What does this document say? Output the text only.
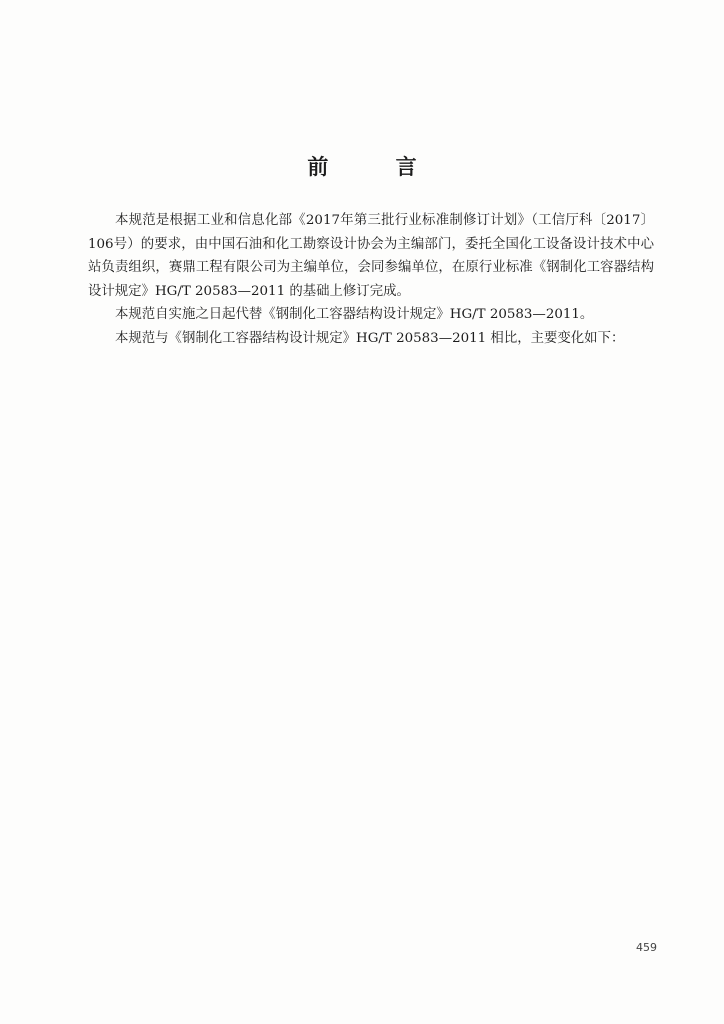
前 言

本规范是根据工业和信息化部《2017年第三批行业标准制修订计划》（工信厅科〔2017〕106号）的要求，由中国石油和化工勘察设计协会为主编部门，委托全国化工设备设计技术中心站负责组织，赛鼎工程有限公司为主编单位，会同参编单位，在原行业标准《钢制化工容器结构设计规定》HG/T 20583—2011 的基础上修订完成。

本规范自实施之日起代替《钢制化工容器结构设计规定》HG/T 20583—2011。

本规范与《钢制化工容器结构设计规定》HG/T 20583—2011 相比，主要变化如下：

459
